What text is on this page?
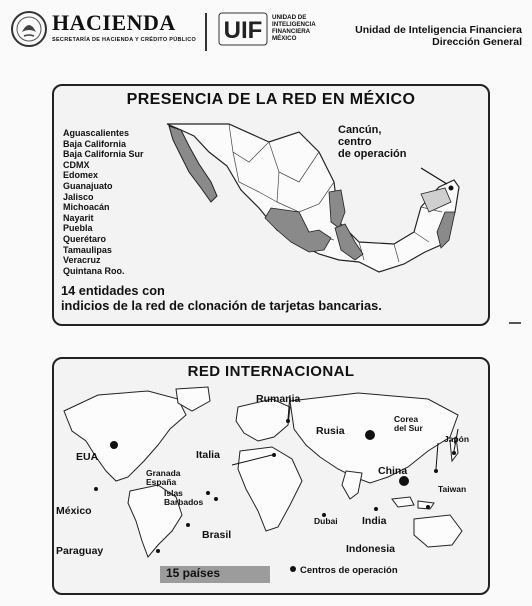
HACIENDA
SECRETARÍA DE HACIENDA Y CRÉDITO PÚBLICO UIF UNIDAD DE
INTELIGENCIA
FINANCIERA
MÉXICO
Unidad de Inteligencia Financiera
Dirección General
PRESENCIA DE LA RED EN MÉXICO
Aguascalientes
Baja California
Baja California Sur
CDMX
Edomex
Guanajuato
Jalisco
Michoacán
Nayarit
Puebla
Querétaro
Tamaulipas
Veracruz
Quintana Roo.
Cancún,
centro
de operación
14 entidades con
indicios de la red de clonación de tarjetas bancarias.
RED INTERNACIONAL
Rumania
Rusia
Corea
del Sur
Japón
EUA	Italia
Granada
España
Islas
Barbados
China
Taiwan
México
Dubai India
Brasil
Paraguay	Indonesia
15 países	Centros de operación
